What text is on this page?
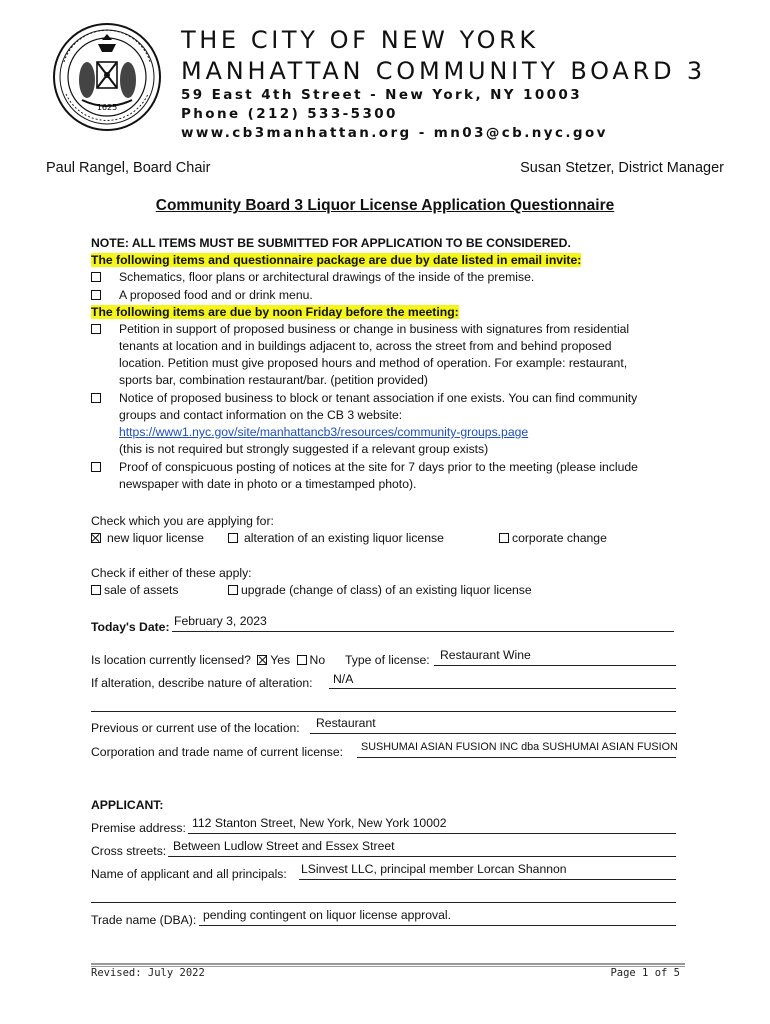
1625
THE CITY OF NEW YORK
MANHATTAN COMMUNITY BOARD 3
59 East 4th Street - New York, NY 10003
Phone (212) 533-5300
www.cb3manhattan.org - mn03@cb.nyc.gov
Paul Rangel, Board Chair	Susan Stetzer, District Manager
Community Board 3 Liquor License Application Questionnaire
NOTE: ALL ITEMS MUST BE SUBMITTED FOR APPLICATION TO BE CONSIDERED.
The following items and questionnaire package are due by date listed in email invite:
Schematics, floor plans or architectural drawings of the inside of the premise.
A proposed food and or drink menu.
The following items are due by noon Friday before the meeting:
Petition in support of proposed business or change in business with signatures from residential
tenants at location and in buildings adjacent to, across the street from and behind proposed
location. Petition must give proposed hours and method of operation. For example: restaurant,
sports bar, combination restaurant/bar. (petition provided)
Notice of proposed business to block or tenant association if one exists. You can find community
groups and contact information on the CB 3 website:
https://www1.nyc.gov/site/manhattancb3/resources/community-groups.page
(this is not required but strongly suggested if a relevant group exists)
Proof of conspicuous posting of notices at the site for 7 days prior to the meeting (please include
newspaper with date in photo or a timestamped photo).
Check which you are applying for:
new liquor license	alteration of an existing liquor license	corporate change
Check if either of these apply:
sale of assets	upgrade (change of class) of an existing liquor license
Today's Date: February 3, 2023
Is location currently licensed? Yes No Type of license: Restaurant Wine
If alteration, describe nature of alteration: N/A
Previous or current use of the location: Restaurant
Corporation and trade name of current license: SUSHUMAI ASIAN FUSION INC dba SUSHUMAI ASIAN FUSION
APPLICANT:
Premise address: 112 Stanton Street, New York, New York 10002
Cross streets: Between Ludlow Street and Essex Street
Name of applicant and all principals: LSinvest LLC, principal member Lorcan Shannon
Trade name (DBA): pending contingent on liquor license approval.
Revised: July 2022	Page 1 of 5
